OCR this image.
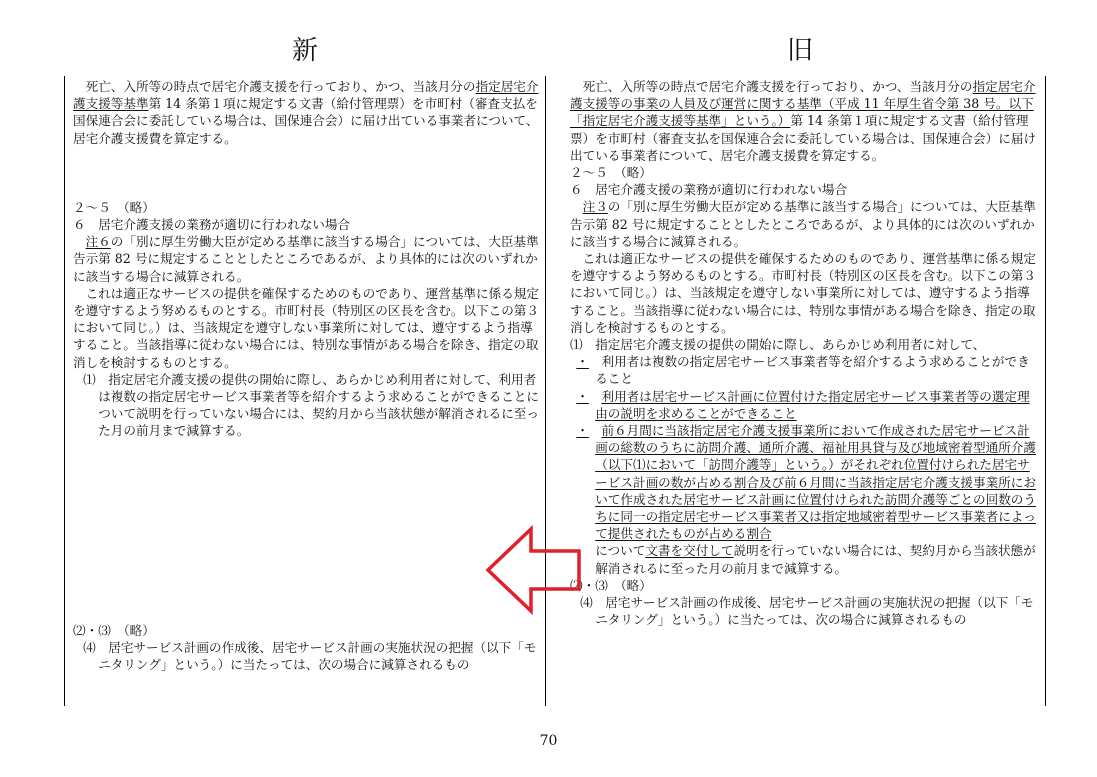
新	旧

死亡、入所等の時点で居宅介護支援を行っており、かつ、当該月分の指定居宅介護支援等基準第 14 条第１項に規定する文書（給付管理票）を市町村（審査支払を国保連合会に委託している場合は、国保連合会）に届け出ている事業者について、居宅介護支援費を算定する。

２～５　（略）

６　居宅介護支援の業務が適切に行われない場合

注６の「別に厚生労働大臣が定める基準に該当する場合」については、大臣基準告示第 82 号に規定することとしたところであるが、より具体的には次のいずれかに該当する場合に減算される。

これは適正なサービスの提供を確保するためのものであり、運営基準に係る規定を遵守するよう努めるものとする。市町村長（特別区の区長を含む。以下この第３において同じ。）は、当該規定を遵守しない事業所に対しては、遵守するよう指導すること。当該指導に従わない場合には、特別な事情がある場合を除き、指定の取消しを検討するものとする。

⑴　指定居宅介護支援の提供の開始に際し、あらかじめ利用者に対して、利用者は複数の指定居宅サービス事業者等を紹介するよう求めることができることについて説明を行っていない場合には、契約月から当該状態が解消されるに至った月の前月まで減算する。

⑵・⑶　（略）

⑷　居宅サービス計画の作成後、居宅サービス計画の実施状況の把握（以下「モニタリング」という。）に当たっては、次の場合に減算されるもの

死亡、入所等の時点で居宅介護支援を行っており、かつ、当該月分の指定居宅介護支援等の事業の人員及び運営に関する基準（平成 11 年厚生省令第 38 号。以下「指定居宅介護支援等基準」という。）第 14 条第１項に規定する文書（給付管理票）を市町村（審査支払を国保連合会に委託している場合は、国保連合会）に届け出ている事業者について、居宅介護支援費を算定する。

２～５　（略）

６　居宅介護支援の業務が適切に行われない場合

注３の「別に厚生労働大臣が定める基準に該当する場合」については、大臣基準告示第 82 号に規定することとしたところであるが、より具体的には次のいずれかに該当する場合に減算される。

これは適正なサービスの提供を確保するためのものであり、運営基準に係る規定を遵守するよう努めるものとする。市町村長（特別区の区長を含む。以下この第３において同じ。）は、当該規定を遵守しない事業所に対しては、遵守するよう指導すること。当該指導に従わない場合には、特別な事情がある場合を除き、指定の取消しを検討するものとする。

⑴　指定居宅介護支援の提供の開始に際し、あらかじめ利用者に対して、

・　 利用者は複数の指定居宅サービス事業者等を紹介するよう求めることができること

・　 利用者は居宅サービス計画に位置付けた指定居宅サービス事業者等の選定理由の説明を求めることができること

・　 前６月間に当該指定居宅介護支援事業所において作成された居宅サービス計画の総数のうちに訪問介護、通所介護、福祉用具貸与及び地域密着型通所介護（以下⑴において「訪問介護等」という。）がそれぞれ位置付けられた居宅サービス計画の数が占める割合及び前６月間に当該指定居宅介護支援事業所において作成された居宅サービス計画に位置付けられた訪問介護等ごとの回数のうちに同一の指定居宅サービス事業者又は指定地域密着型サービス事業者によって提供されたものが占める割合

について文書を交付して説明を行っていない場合には、契約月から当該状態が解消されるに至った月の前月まで減算する。

⑵・⑶　（略）

⑷　居宅サービス計画の作成後、居宅サービス計画の実施状況の把握（以下「モニタリング」という。）に当たっては、次の場合に減算されるもの

70
